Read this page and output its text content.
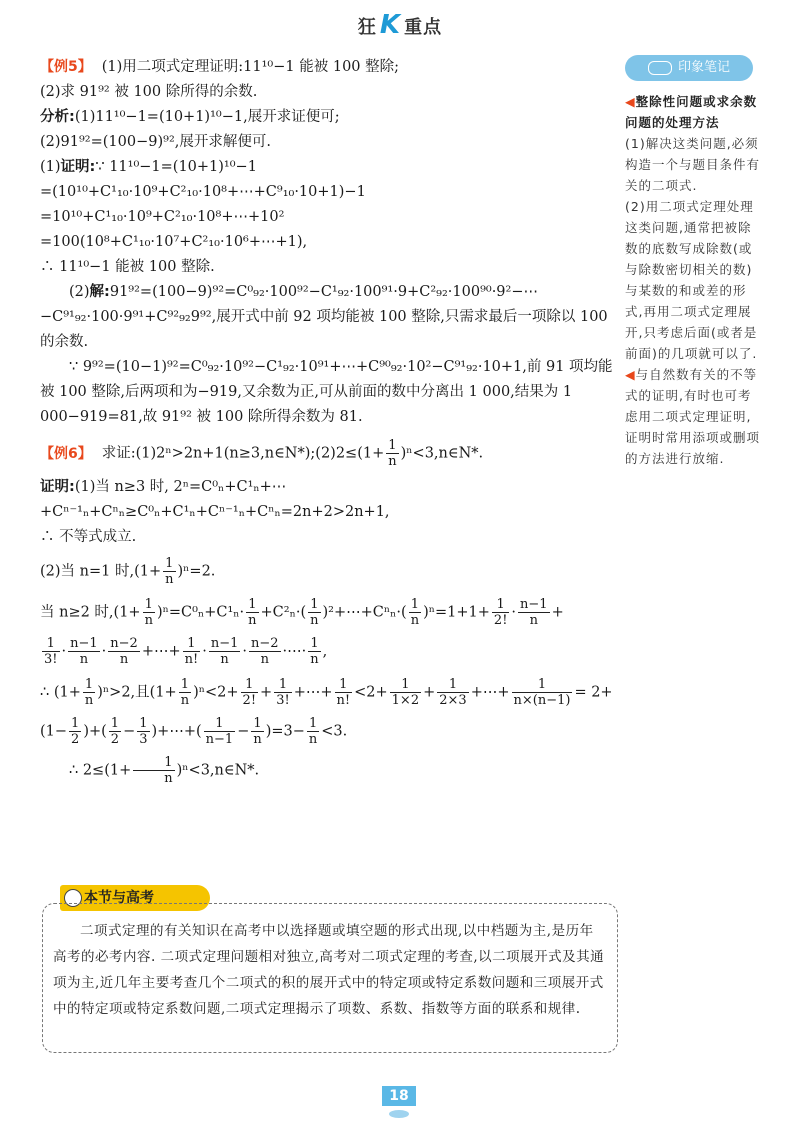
狂 K 重点

【例5】 (1)用二项式定理证明:11¹⁰−1 能被 100 整除;

(2)求 91⁹² 被 100 除所得的余数.

分析:(1)11¹⁰−1=(10+1)¹⁰−1,展开求证便可;

(2)91⁹²=(100−9)⁹²,展开求解便可.

(1)证明:∵ 11¹⁰−1=(10+1)¹⁰−1

=(10¹⁰+C¹₁₀·10⁹+C²₁₀·10⁸+⋯+C⁹₁₀·10+1)−1

=10¹⁰+C¹₁₀·10⁹+C²₁₀·10⁸+⋯+10²

=100(10⁸+C¹₁₀·10⁷+C²₁₀·10⁶+⋯+1),

∴ 11¹⁰−1 能被 100 整除.

(2)解:91⁹²=(100−9)⁹²=C⁰₉₂·100⁹²−C¹₉₂·100⁹¹·9+C²₉₂·100⁹⁰·9²−⋯−C⁹¹₉₂·100·9⁹¹+C⁹²₉₂9⁹²,展开式中前 92 项均能被 100 整除,只需求最后一项除以 100 的余数.

∵ 9⁹²=(10−1)⁹²=C⁰₉₂·10⁹²−C¹₉₂·10⁹¹+⋯+C⁹⁰₉₂·10²−C⁹¹₉₂·10+1,前 91 项均能被 100 整除,后两项和为−919,又余数为正,可从前面的数中分离出 1 000,结果为 1 000−919=81,故 91⁹² 被 100 除所得余数为 81.

【例6】 求证:(1)2ⁿ>2n+1(n≥3,n∈N*);(2)2≤(1+ $\frac{1}{n}$ )ⁿ<3,n∈N*.

证明:(1)当 n≥3 时, 2ⁿ=C⁰ₙ+C¹ₙ+⋯+Cⁿ⁻¹ₙ+Cⁿₙ≥C⁰ₙ+C¹ₙ+Cⁿ⁻¹ₙ+Cⁿₙ=2n+2>2n+1,

∴ 不等式成立.

(2)当 n=1 时$,(1+ \frac{1}{n} )^n=2$.

当 n≥2 时$,(1+ \frac{1}{n} )^n=C^0_n+C^1_n\cdot \frac{1}{n} +C^2_n\cdot( \frac{1}{n}$ )²+⋯+Cⁿₙ·( $\frac{1}{n} )^n=1+1+ \frac{1}{2!} \cdot \frac{n-1}{n}$ +

$\frac{1}{3!} \cdot \frac{n-1}{n} \cdot \frac{n-2}{n}$ +⋯+ $\frac{1}{n!} \cdot \frac{n-1}{n} \cdot \frac{n-2}{n}$ ·⋯· $\frac{1}{n}$ ,

∴ $(1+ \frac{1}{n} )^n>2$,且$(1+ \frac{1}{n} )^n<2+ \frac{1}{2!} + \frac{1}{3!}$ +⋯+ $\frac{1}{n!} <2+ \frac{1}{1\times 2} + \frac{1}{2\times 3}$ +⋯+ $\frac{1}{n\times(n-1)} = 2+$

($1- \frac{1}{2}$ )+( $\frac{1}{2} - \frac{1}{3}$ )+⋯+( $\frac{1}{n-1} - \frac{1}{n} )=3- \frac{1}{n} <3$.

∴ $2\le(1+ \frac{1}{n}$ )ⁿ<3,n∈N*.

印象笔记
◀整除性问题或求余数问题的处理方法
(1)解决这类问题,必须构造一个与题目条件有关的二项式.
(2)用二项式定理处理这类问题,通常把被除数的底数写成除数(或与除数密切相关的数)与某数的和或差的形式,再用二项式定理展开,只考虑后面(或者是前面)的几项就可以了.
◀与自然数有关的不等式的证明,有时也可考虑用二项式定理证明,证明时常用添项或删项的方法进行放缩.
本节与高考
二项式定理的有关知识在高考中以选择题或填空题的形式出现,以中档题为主,是历年高考的必考内容. 二项式定理问题相对独立,高考对二项式定理的考查,以二项展开式及其通项为主,近几年主要考查几个二项式的积的展开式中的特定项或特定系数问题和三项展开式中的特定项或特定系数问题,二项式定理揭示了项数、系数、指数等方面的联系和规律.
18
